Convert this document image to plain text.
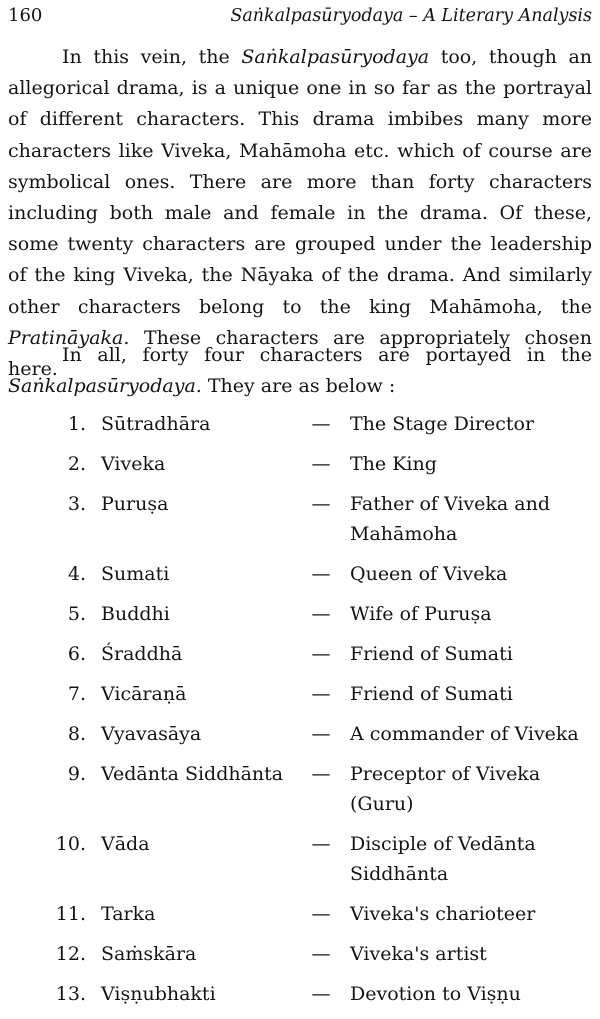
160	Saṅkalpasūryodaya – A Literary Analysis

In this vein, the Saṅkalpasūryodaya too, though an allegorical drama, is a unique one in so far as the portrayal of different characters. This drama imbibes many more characters like Viveka, Mahāmoha etc. which of course are symbolical ones. There are more than forty characters including both male and female in the drama. Of these, some twenty characters are grouped under the leadership of the king Viveka, the Nāyaka of the drama. And similarly other characters belong to the king Mahāmoha, the Pratināyaka. These characters are appropriately chosen here.

In all, forty four characters are portayed in the Saṅkalpasūryodaya. They are as below :

1. Sūtradhāra	— The Stage Director
2. Viveka	— The King
3. Puruṣa	— Father of Viveka and Mahāmoha
4. Sumati	— Queen of Viveka
5. Buddhi	— Wife of Puruṣa
6. Śraddhā	— Friend of Sumati
7. Vicāraṇā	— Friend of Sumati
8. Vyavasāya	— A commander of Viveka
9. Vedānta Siddhānta	— Preceptor of Viveka (Guru)
10. Vāda	— Disciple of Vedānta Siddhānta
11. Tarka	— Viveka's charioteer
12. Saṁskāra	— Viveka's artist
13. Viṣṇubhakti	— Devotion to Viṣṇu
